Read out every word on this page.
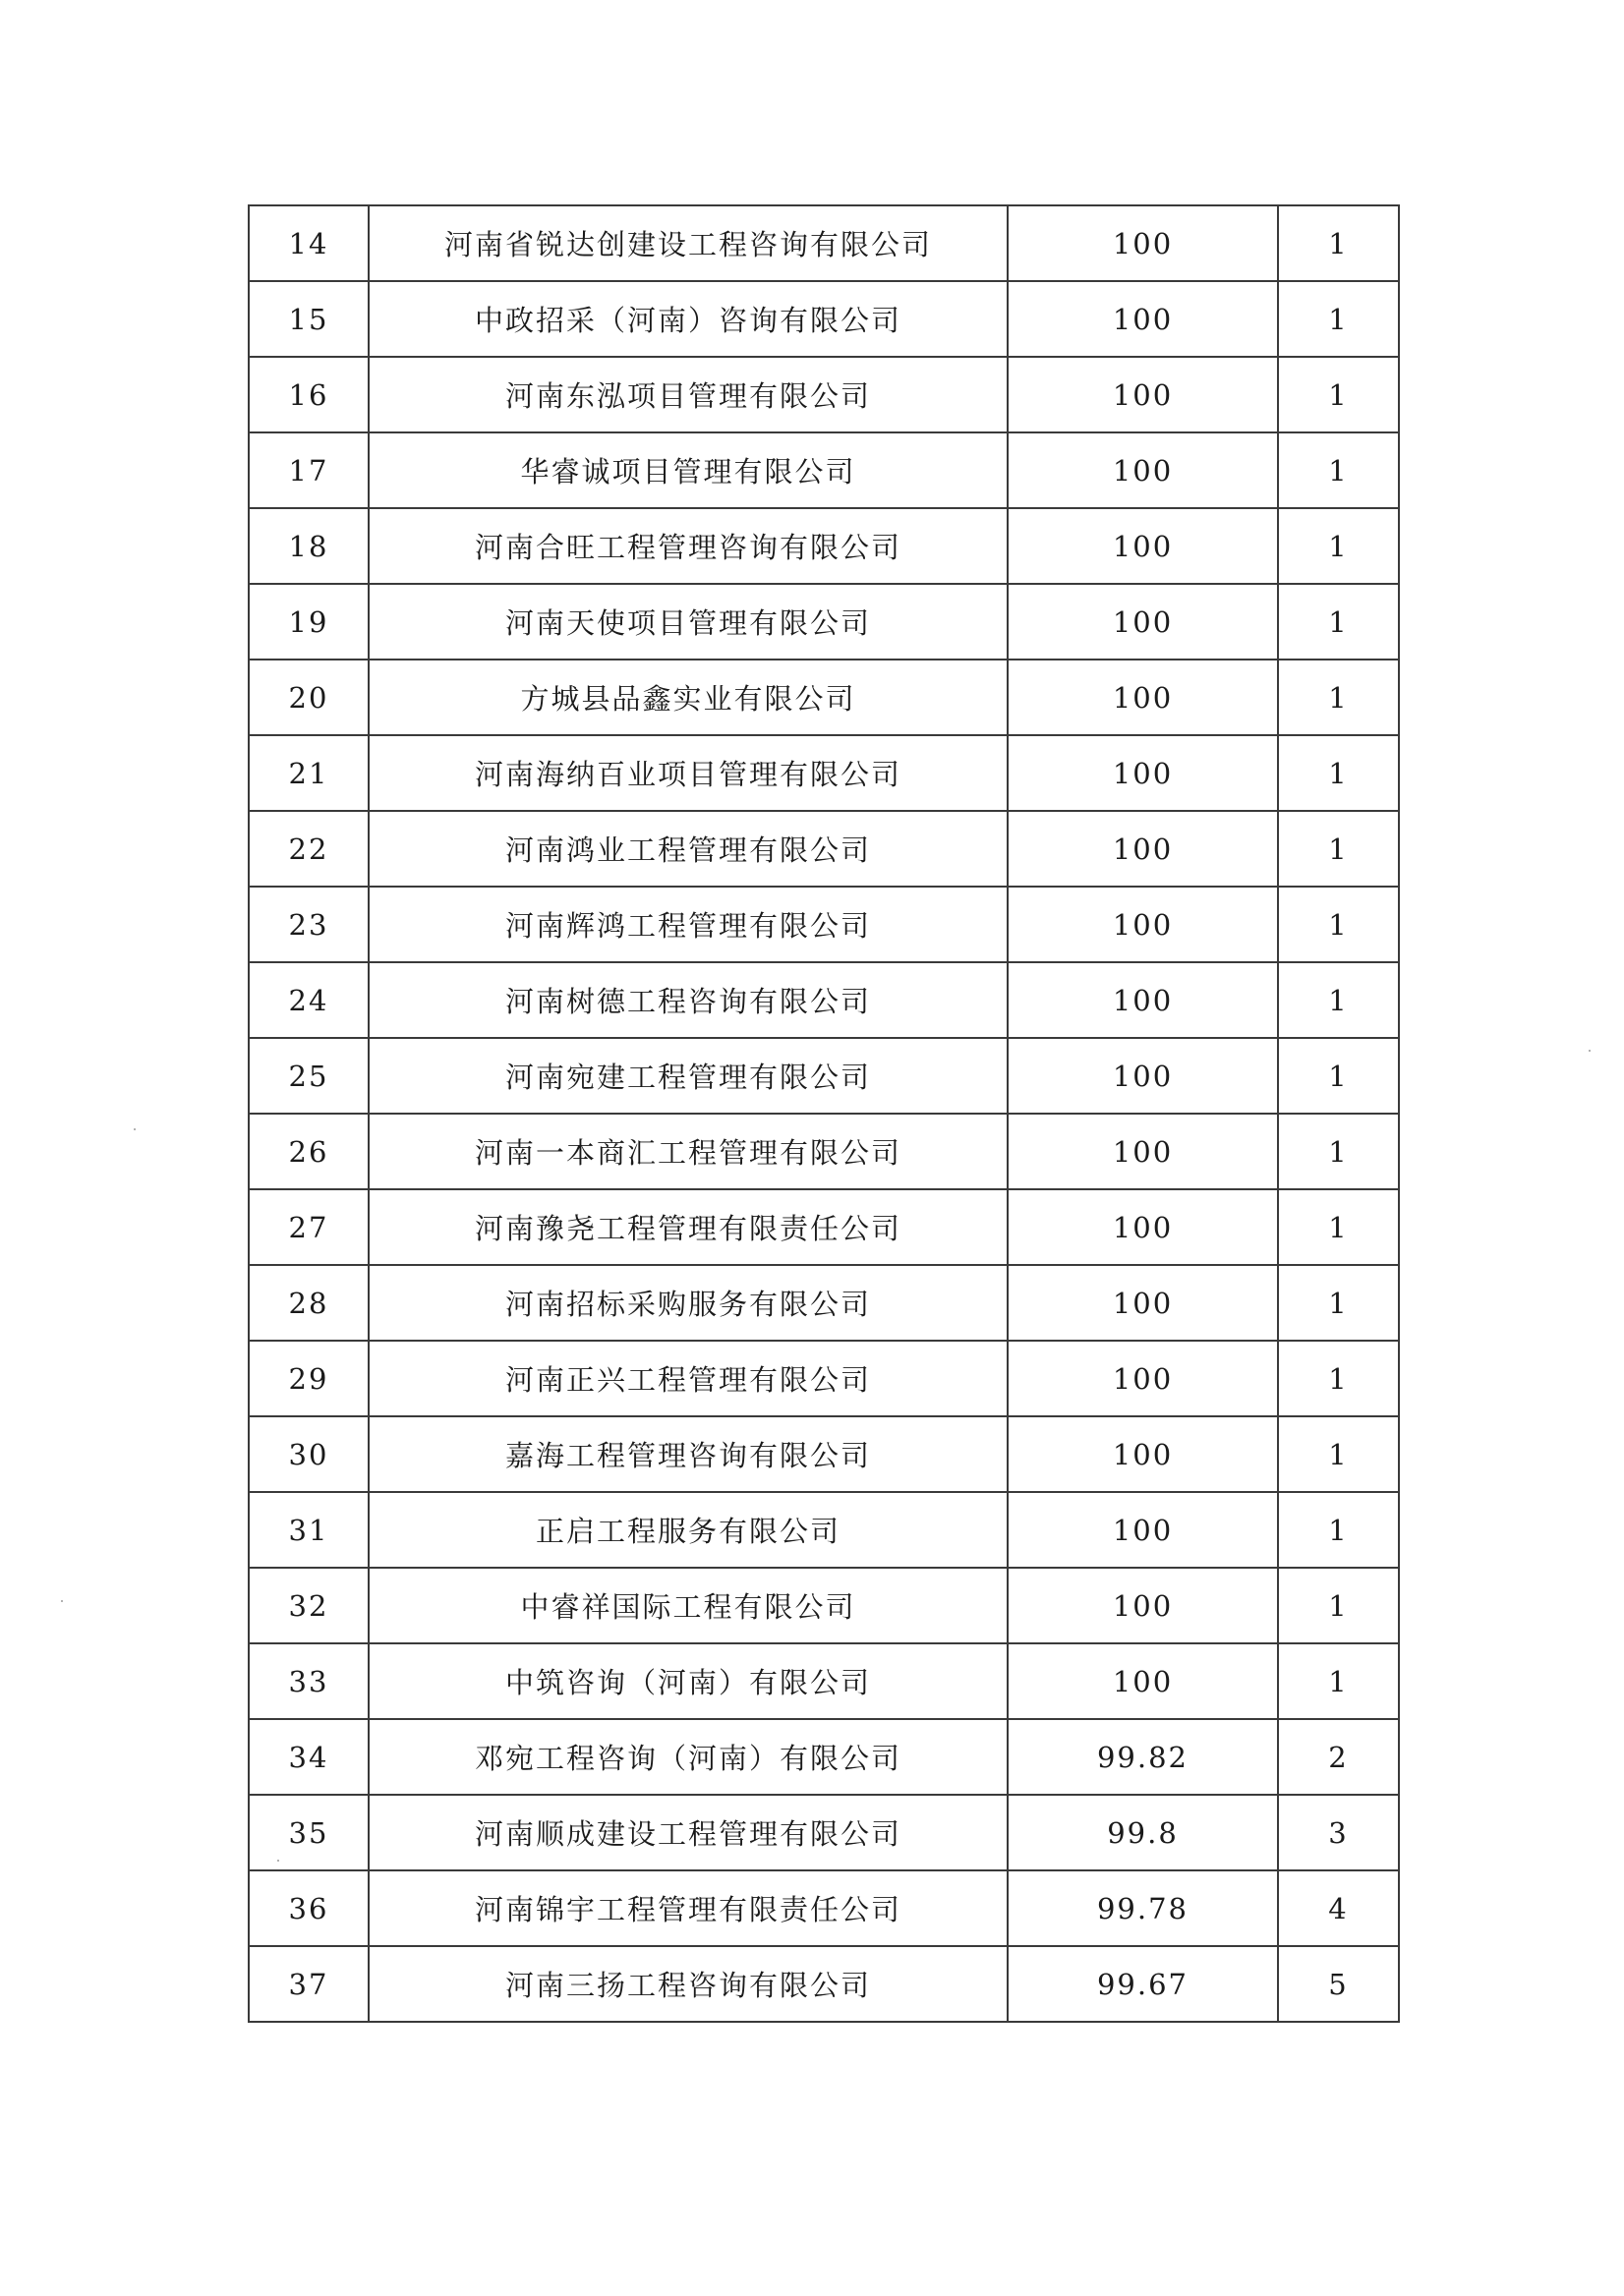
14	河南省锐达创建设工程咨询有限公司	100	1
15	中政招采（河南）咨询有限公司	100	1
16	河南东泓项目管理有限公司	100	1
17	华睿诚项目管理有限公司	100	1
18	河南合旺工程管理咨询有限公司	100	1
19	河南天使项目管理有限公司	100	1
20	方城县品鑫实业有限公司	100	1
21	河南海纳百业项目管理有限公司	100	1
22	河南鸿业工程管理有限公司	100	1
23	河南辉鸿工程管理有限公司	100	1
24	河南树德工程咨询有限公司	100	1
25	河南宛建工程管理有限公司	100	1
26	河南一本商汇工程管理有限公司	100	1
27	河南豫尧工程管理有限责任公司	100	1
28	河南招标采购服务有限公司	100	1
29	河南正兴工程管理有限公司	100	1
30	嘉海工程管理咨询有限公司	100	1
31	正启工程服务有限公司	100	1
32	中睿祥国际工程有限公司	100	1
33	中筑咨询（河南）有限公司	100	1
34	邓宛工程咨询（河南）有限公司	99.82	2
35	河南顺成建设工程管理有限公司	99.8	3
36	河南锦宇工程管理有限责任公司	99.78	4
37	河南三扬工程咨询有限公司	99.67	5
